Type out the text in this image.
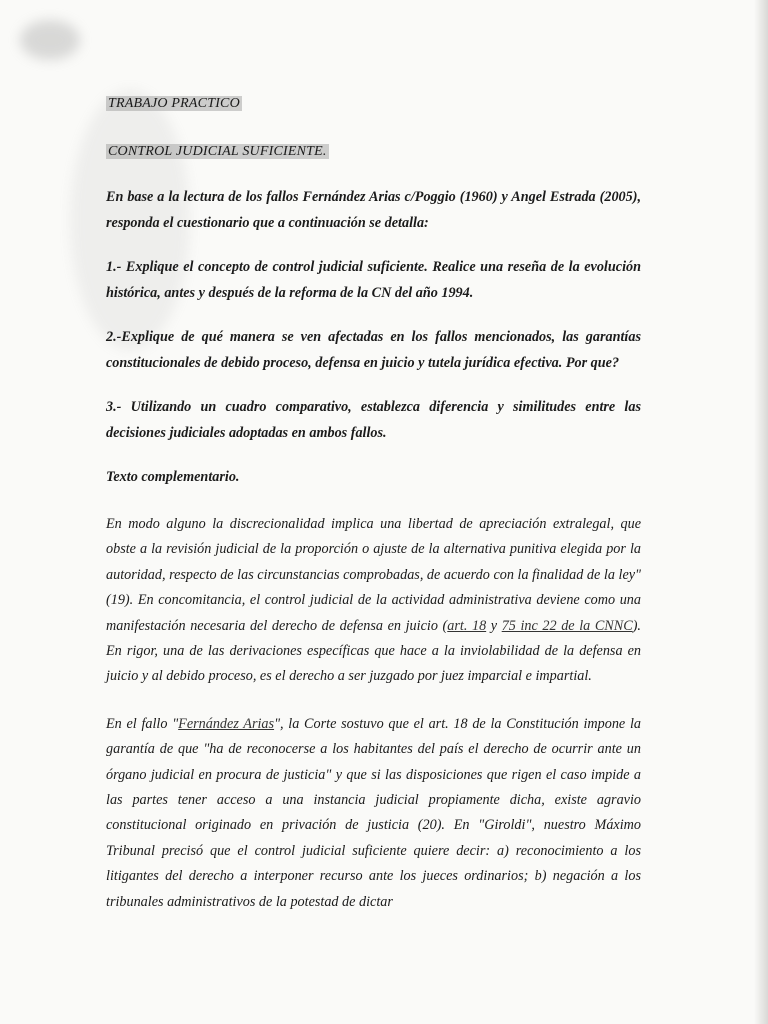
TRABAJO PRACTICO

CONTROL JUDICIAL SUFICIENTE.

En base a la lectura de los fallos Fernández Arias c/Poggio (1960) y Angel Estrada (2005), responda el cuestionario que a continuación se detalla:

1.- Explique el concepto de control judicial suficiente. Realice una reseña de la evolución histórica, antes y después de la reforma de la CN del año 1994.

2.-Explique de qué manera se ven afectadas en los fallos mencionados, las garantías constitucionales de debido proceso, defensa en juicio y tutela jurídica efectiva. Por que?

3.- Utilizando un cuadro comparativo, establezca diferencia y similitudes entre las decisiones judiciales adoptadas en ambos fallos.

Texto complementario.

En modo alguno la discrecionalidad implica una libertad de apreciación extralegal, que obste a la revisión judicial de la proporción o ajuste de la alternativa punitiva elegida por la autoridad, respecto de las circunstancias comprobadas, de acuerdo con la finalidad de la ley"(19). En concomitancia, el control judicial de la actividad administrativa deviene como una manifestación necesaria del derecho de defensa en juicio (art. 18 y 75 inc 22 de la CNNC). En rigor, una de las derivaciones específicas que hace a la inviolabilidad de la defensa en juicio y al debido proceso, es el derecho a ser juzgado por juez imparcial e impartial.

En el fallo "Fernández Arias", la Corte sostuvo que el art. 18 de la Constitución impone la garantía de que "ha de reconocerse a los habitantes del país el derecho de ocurrir ante un órgano judicial en procura de justicia" y que si las disposiciones que rigen el caso impide a las partes tener acceso a una instancia judicial propiamente dicha, existe agravio constitucional originado en privación de justicia (20). En "Giroldi", nuestro Máximo Tribunal precisó que el control judicial suficiente quiere decir: a) reconocimiento a los litigantes del derecho a interponer recurso ante los jueces ordinarios; b) negación a los tribunales administrativos de la potestad de dictar
